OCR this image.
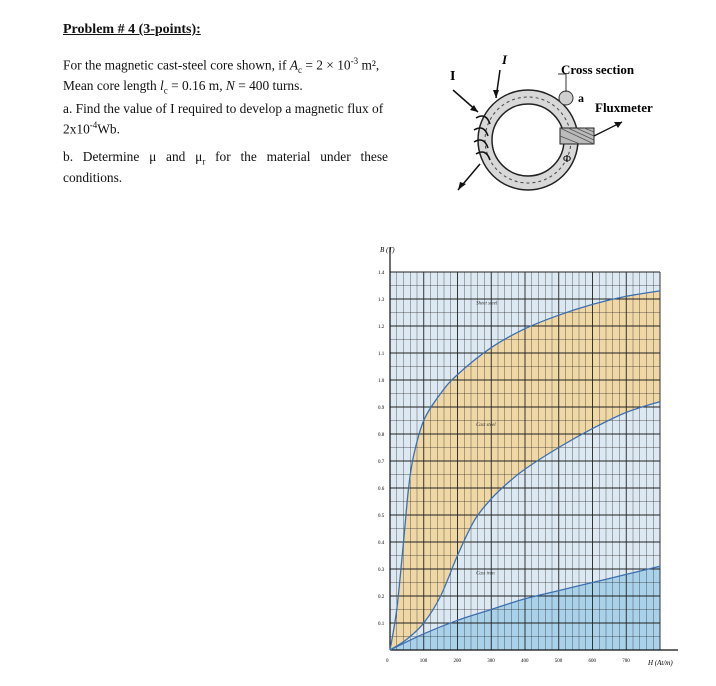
Problem # 4 (3-points):
For the magnetic cast-steel core shown, if $A_c = 2 \times 10^{-3}$ m², Mean core length $l_c = 0.16$ m, N = 400 turns.
a. Find the value of I required to develop a magnetic flux of $2x10^{-4}Wb$.
b. Determine μ and $\mu_r$ for the material under these conditions.
I
I
Cross section
a
Fluxmeter
Φ
0.1
0.2
0.3
0.4
0.5
0.6
0.7
0.8
0.9
1.0
1.1
1.2
1.3
1.4
0	100	200	300	400	500	600	700
Sheet steel
Cast steel
Cast iron
B (T)
H (At/m)
